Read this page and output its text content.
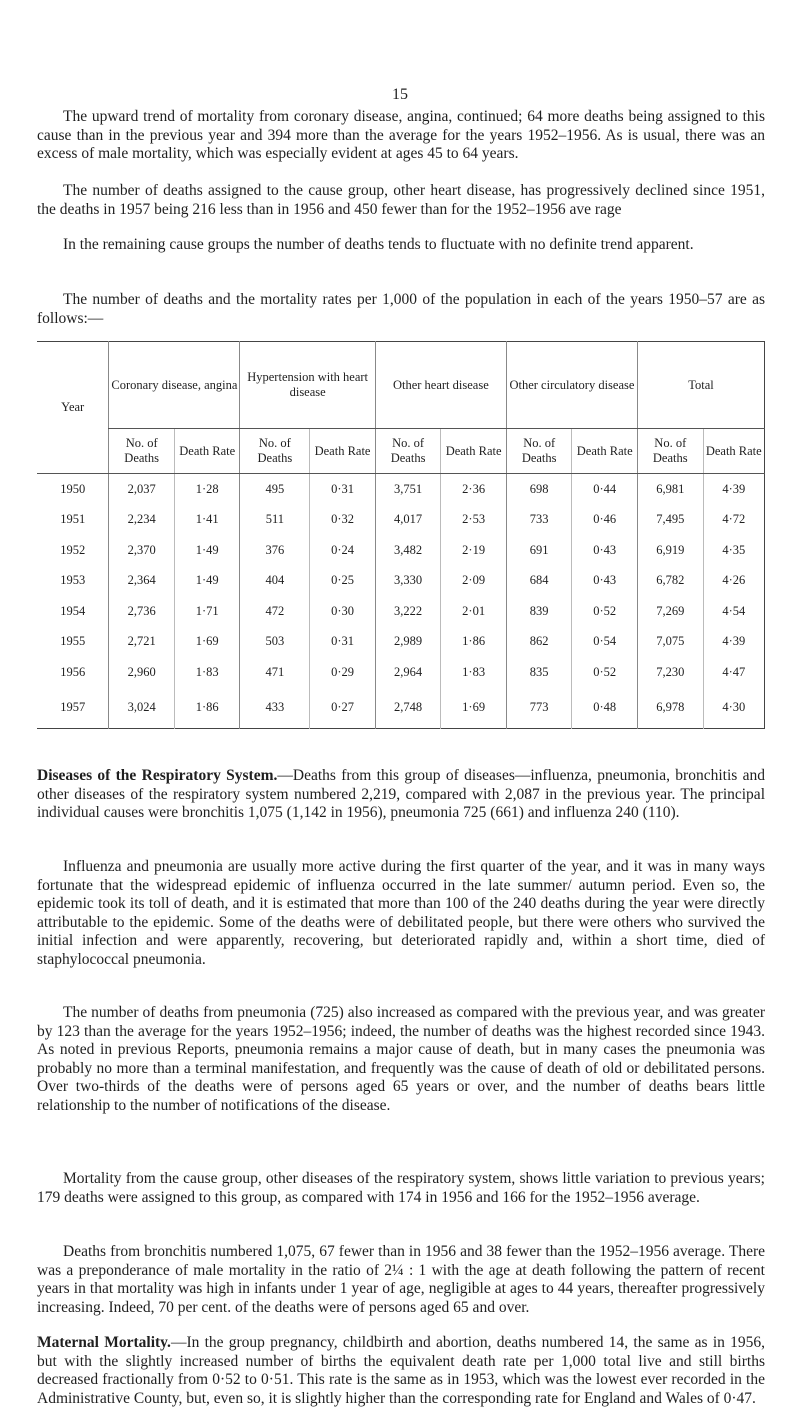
15

The upward trend of mortality from coronary disease, angina, continued; 64 more deaths being assigned to this cause than in the previous year and 394 more than the average for the years 1952–1956. As is usual, there was an excess of male mortality, which was especially evident at ages 45 to 64 years.

The number of deaths assigned to the cause group, other heart disease, has progressively declined since 1951, the deaths in 1957 being 216 less than in 1956 and 450 fewer than for the 1952–1956 ave rage

In the remaining cause groups the number of deaths tends to fluctuate with no definite trend apparent.

The number of deaths and the mortality rates per 1,000 of the population in each of the years 1950–57 are as follows:—

Year	Coronary disease, angina		Hypertension with heart disease		Other heart disease		Other circulatory disease		Total	
	No. of Deaths	Death Rate	No. of Deaths	Death Rate	No. of Deaths	Death Rate	No. of Deaths	Death Rate	No. of Deaths	Death Rate
1950	2,037	1·28	495	0·31	3,751	2·36	698	0·44	6,981	4·39
1951	2,234	1·41	511	0·32	4,017	2·53	733	0·46	7,495	4·72
1952	2,370	1·49	376	0·24	3,482	2·19	691	0·43	6,919	4·35
1953	2,364	1·49	404	0·25	3,330	2·09	684	0·43	6,782	4·26
1954	2,736	1·71	472	0·30	3,222	2·01	839	0·52	7,269	4·54
1955	2,721	1·69	503	0·31	2,989	1·86	862	0·54	7,075	4·39
1956	2,960	1·83	471	0·29	2,964	1·83	835	0·52	7,230	4·47
1957	3,024	1·86	433	0·27	2,748	1·69	773	0·48	6,978	4·30

Diseases of the Respiratory System.—Deaths from this group of diseases—influenza, pneumonia, bronchitis and other diseases of the respiratory system numbered 2,219, compared with 2,087 in the previous year. The principal individual causes were bronchitis 1,075 (1,142 in 1956), pneumonia 725 (661) and influenza 240 (110).

Influenza and pneumonia are usually more active during the first quarter of the year, and it was in many ways fortunate that the widespread epidemic of influenza occurred in the late summer/ autumn period. Even so, the epidemic took its toll of death, and it is estimated that more than 100 of the 240 deaths during the year were directly attributable to the epidemic. Some of the deaths were of debilitated people, but there were others who survived the initial infection and were apparently, recovering, but deteriorated rapidly and, within a short time, died of staphylococcal pneumonia.

The number of deaths from pneumonia (725) also increased as compared with the previous year, and was greater by 123 than the average for the years 1952–1956; indeed, the number of deaths was the highest recorded since 1943. As noted in previous Reports, pneumonia remains a major cause of death, but in many cases the pneumonia was probably no more than a terminal manifestation, and frequently was the cause of death of old or debilitated persons. Over two-thirds of the deaths were of persons aged 65 years or over, and the number of deaths bears little relationship to the number of notifications of the disease.

Mortality from the cause group, other diseases of the respiratory system, shows little variation to previous years; 179 deaths were assigned to this group, as compared with 174 in 1956 and 166 for the 1952–1956 average.

Deaths from bronchitis numbered 1,075, 67 fewer than in 1956 and 38 fewer than the 1952–1956 average. There was a preponderance of male mortality in the ratio of 2¼ : 1 with the age at death following the pattern of recent years in that mortality was high in infants under 1 year of age, negligible at ages to 44 years, thereafter progressively increasing. Indeed, 70 per cent. of the deaths were of persons aged 65 and over.

Maternal Mortality.—In the group pregnancy, childbirth and abortion, deaths numbered 14, the same as in 1956, but with the slightly increased number of births the equivalent death rate per 1,000 total live and still births decreased fractionally from 0·52 to 0·51. This rate is the same as in 1953, which was the lowest ever recorded in the Administrative County, but, even so, it is slightly higher than the corresponding rate for England and Wales of 0·47.
